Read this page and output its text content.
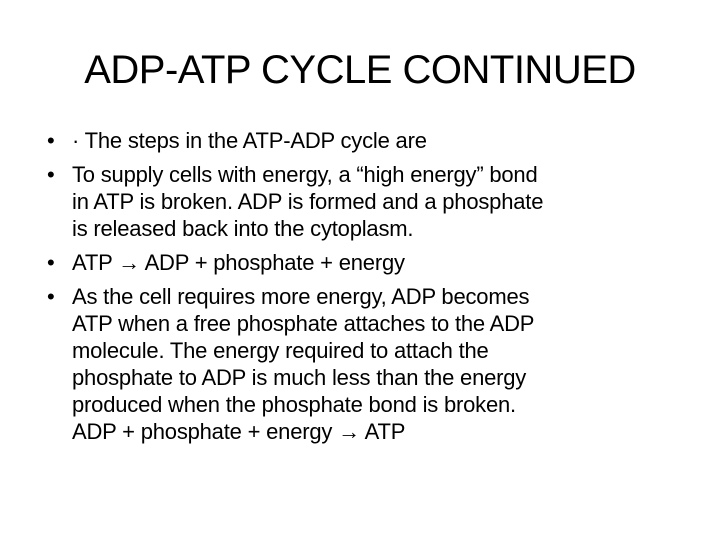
ADP-ATP CYCLE CONTINUED
• · The steps in the ATP-ADP cycle are
• To supply cells with energy, a “high energy” bond
in ATP is broken. ADP is formed and a phosphate
is released back into the cytoplasm.
• ATP → ADP + phosphate + energy
• As the cell requires more energy, ADP becomes
ATP when a free phosphate attaches to the ADP
molecule. The energy required to attach the
phosphate to ADP is much less than the energy
produced when the phosphate bond is broken.
ADP + phosphate + energy → ATP
